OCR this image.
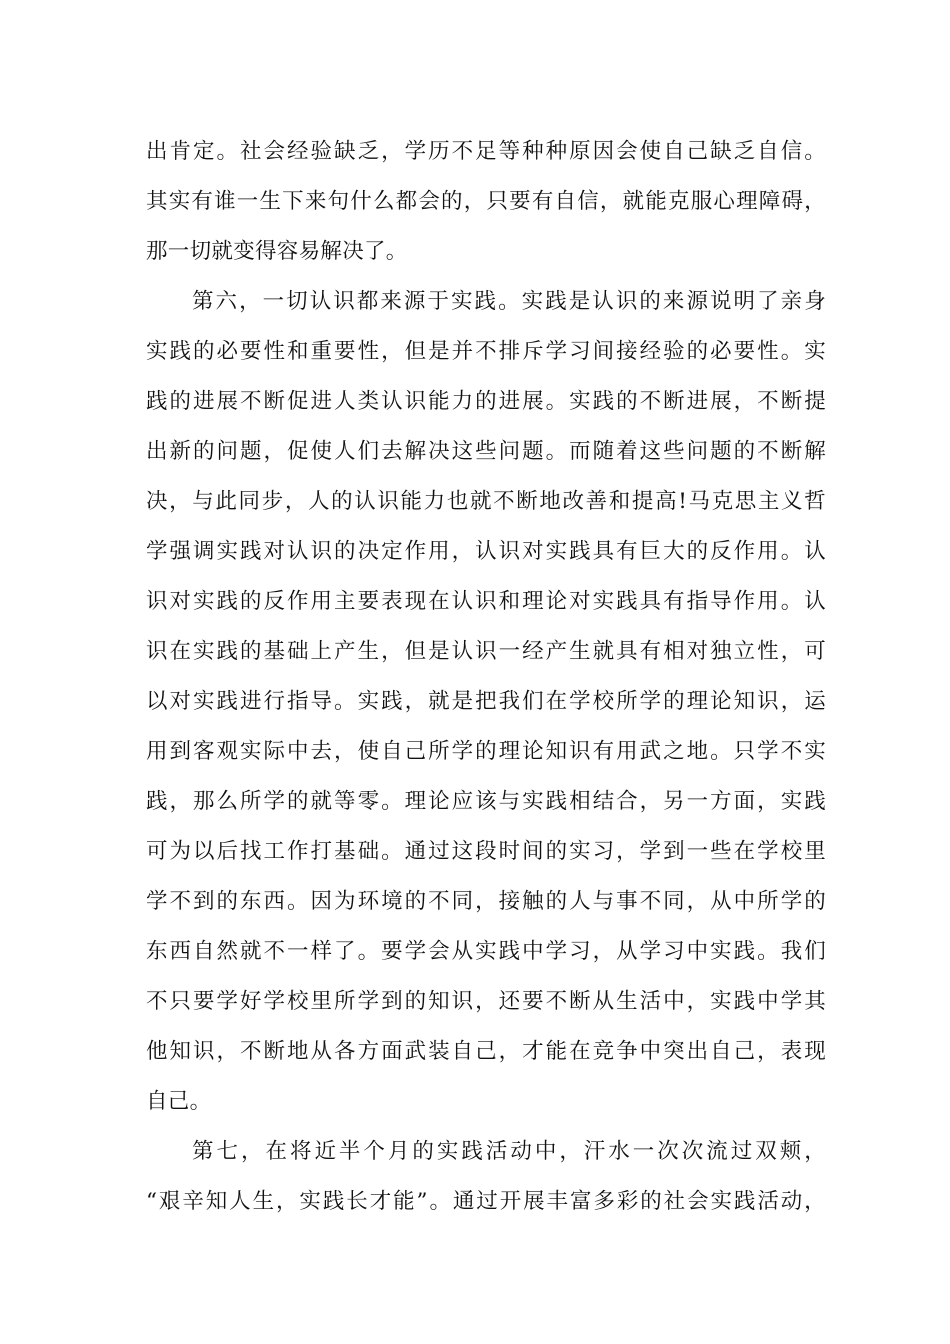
出肯定。社会经验缺乏，学历不足等种种原因会使自己缺乏自信。
其实有谁一生下来句什么都会的，只要有自信，就能克服心理障碍，
那一切就变得容易解决了。
第六，一切认识都来源于实践。实践是认识的来源说明了亲身
实践的必要性和重要性，但是并不排斥学习间接经验的必要性。实
践的进展不断促进人类认识能力的进展。实践的不断进展，不断提
出新的问题，促使人们去解决这些问题。而随着这些问题的不断解
决，与此同步，人的认识能力也就不断地改善和提高!马克思主义哲
学强调实践对认识的决定作用，认识对实践具有巨大的反作用。认
识对实践的反作用主要表现在认识和理论对实践具有指导作用。认
识在实践的基础上产生，但是认识一经产生就具有相对独立性，可
以对实践进行指导。实践，就是把我们在学校所学的理论知识，运
用到客观实际中去，使自己所学的理论知识有用武之地。只学不实
践，那么所学的就等零。理论应该与实践相结合，另一方面，实践
可为以后找工作打基础。通过这段时间的实习，学到一些在学校里
学不到的东西。因为环境的不同，接触的人与事不同，从中所学的
东西自然就不一样了。要学会从实践中学习，从学习中实践。我们
不只要学好学校里所学到的知识，还要不断从生活中，实践中学其
他知识，不断地从各方面武装自己，才能在竞争中突出自己，表现
自己。
第七，在将近半个月的实践活动中，汗水一次次流过双颊，
“艰辛知人生，实践长才能”。通过开展丰富多彩的社会实践活动，
